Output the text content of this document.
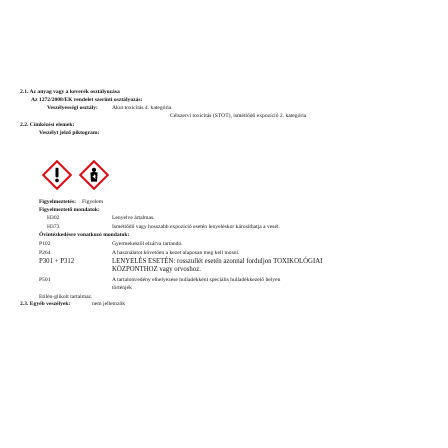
2.1. Az anyag vagy a keverék osztályozása
Az 1272/2008/EK rendelet szerinti osztályozás:
Veszélyességi osztály:	Akut toxicitás 4. kategória
Célszervi toxicitás (STOT), ismétlődő expozíció 2. kategória
2.2. Címkézési elemek:
Veszélyt jelző piktogram:
Figyelmeztetés: Figyelem
Figyelmeztető mondatok:
H302	Lenyelve ártalmas.
H373	Ismétlődő vagy hosszabb expozíció esetén lenyeléskor károsíthatja a vesét.
Óvintézkedésre vonatkozó mondatok:
P102	Gyermekektől elzárva tartandó.
P264	A használatot követően a kezet alaposan meg kell mosni.
P301 + P312	LENYELÉS ESETÉN: rosszullét esetén azonnal forduljon TOXIKOLÓGIAI
KÖZPONTHOZ vagy orvoshoz.
P501	A tartalom/edény elhelyezése hulladékként speciális hulladékkezelő helyen
történjék
Etilén-glikolt tartalmaz.
2.3. Egyéb veszélyek:	nem jellemzők
